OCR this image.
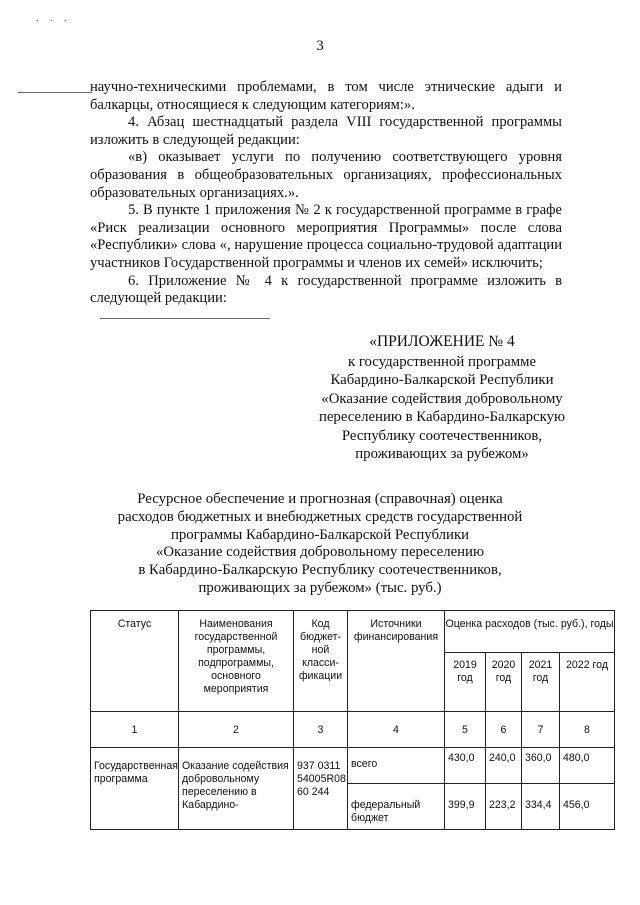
· · ·
3

научно-техническими проблемами, в том числе этнические адыги и балкарцы, относящиеся к следующим категориям:».

4. Абзац шестнадцатый раздела VIII государственной программы изложить в следующей редакции:

«в) оказывает услуги по получению соответствующего уровня образования в общеобразовательных организациях, профессиональных образовательных организациях.».

5. В пункте 1 приложения № 2 к государственной программе в графе «Риск реализации основного мероприятия Программы» после слова «Республики» слова «, нарушение процесса социально-трудовой адаптации участников Государственной программы и членов их семей» исключить;

6. Приложение № 4 к государственной программе изложить в следующей редакции:

«ПРИЛОЖЕНИЕ № 4
к государственной программе
Кабардино-Балкарской Республики
«Оказание содействия добровольному
переселению в Кабардино-Балкарскую
Республику соотечественников,
проживающих за рубежом»
Ресурсное обеспечение и прогнозная (справочная) оценка
расходов бюджетных и внебюджетных средств государственной
программы Кабардино-Балкарской Республики
«Оказание содействия добровольному переселению
в Кабардино-Балкарскую Республику соотечественников,
проживающих за рубежом» (тыс. руб.)
Статус	Наименования государственной программы, подпрограммы, основного мероприятия	Код бюджет-ной класси-фикации	Источники финансирования	Оценка расходов (тыс. руб.), годы			
				2019 год	2020 год	2021 год	2022 год
1	2	3	4	5	6	7	8
Государственная программа	Оказание содействия добровольному переселению в Кабардино-	937 0311 54005R08 60 244	всего	430,0	240,0	360,0	480,0
			федеральный бюджет	399,9	223,2	334,4	456,0
